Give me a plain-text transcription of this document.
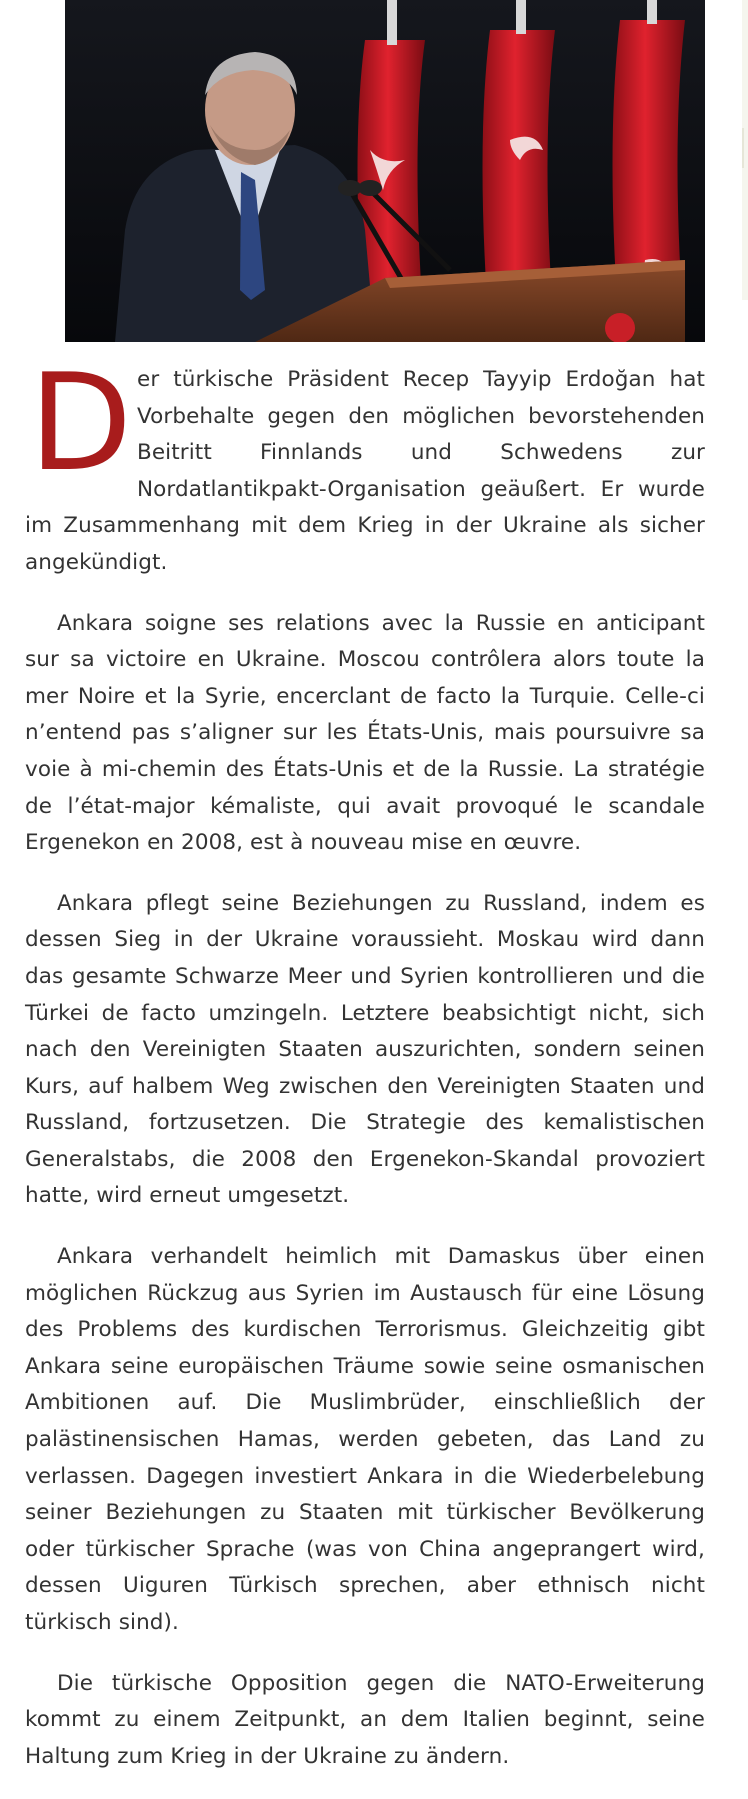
Der türkische Präsident Recep Tayyip Erdoğan hat Vorbehalte gegen den möglichen bevorstehenden Beitritt Finnlands und Schwedens zur Nordatlantikpakt-Organisation geäußert. Er wurde im Zusammenhang mit dem Krieg in der Ukraine als sicher angekündigt.

Ankara soigne ses relations avec la Russie en anticipant sur sa victoire en Ukraine. Moscou contrôlera alors toute la mer Noire et la Syrie, encerclant de facto la Turquie. Celle-ci n’entend pas s’aligner sur les États-Unis, mais poursuivre sa voie à mi-chemin des États-Unis et de la Russie. La stratégie de l’état-major kémaliste, qui avait provoqué le scandale Ergenekon en 2008, est à nouveau mise en œuvre.

Ankara pflegt seine Beziehungen zu Russland, indem es dessen Sieg in der Ukraine voraussieht. Moskau wird dann das gesamte Schwarze Meer und Syrien kontrollieren und die Türkei de facto umzingeln. Letztere beabsichtigt nicht, sich nach den Vereinigten Staaten auszurichten, sondern seinen Kurs, auf halbem Weg zwischen den Vereinigten Staaten und Russland, fortzusetzen. Die Strategie des kemalistischen Generalstabs, die 2008 den Ergenekon-Skandal provoziert hatte, wird erneut umgesetzt.

Ankara verhandelt heimlich mit Damaskus über einen möglichen Rückzug aus Syrien im Austausch für eine Lösung des Problems des kurdischen Terrorismus. Gleichzeitig gibt Ankara seine europäischen Träume sowie seine osmanischen Ambitionen auf. Die Muslimbrüder, einschließlich der palästinensischen Hamas, werden gebeten, das Land zu verlassen. Dagegen investiert Ankara in die Wiederbelebung seiner Beziehungen zu Staaten mit türkischer Bevölkerung oder türkischer Sprache (was von China angeprangert wird, dessen Uiguren Türkisch sprechen, aber ethnisch nicht türkisch sind).

Die türkische Opposition gegen die NATO-Erweiterung kommt zu einem Zeitpunkt, an dem Italien beginnt, seine Haltung zum Krieg in der Ukraine zu ändern.
